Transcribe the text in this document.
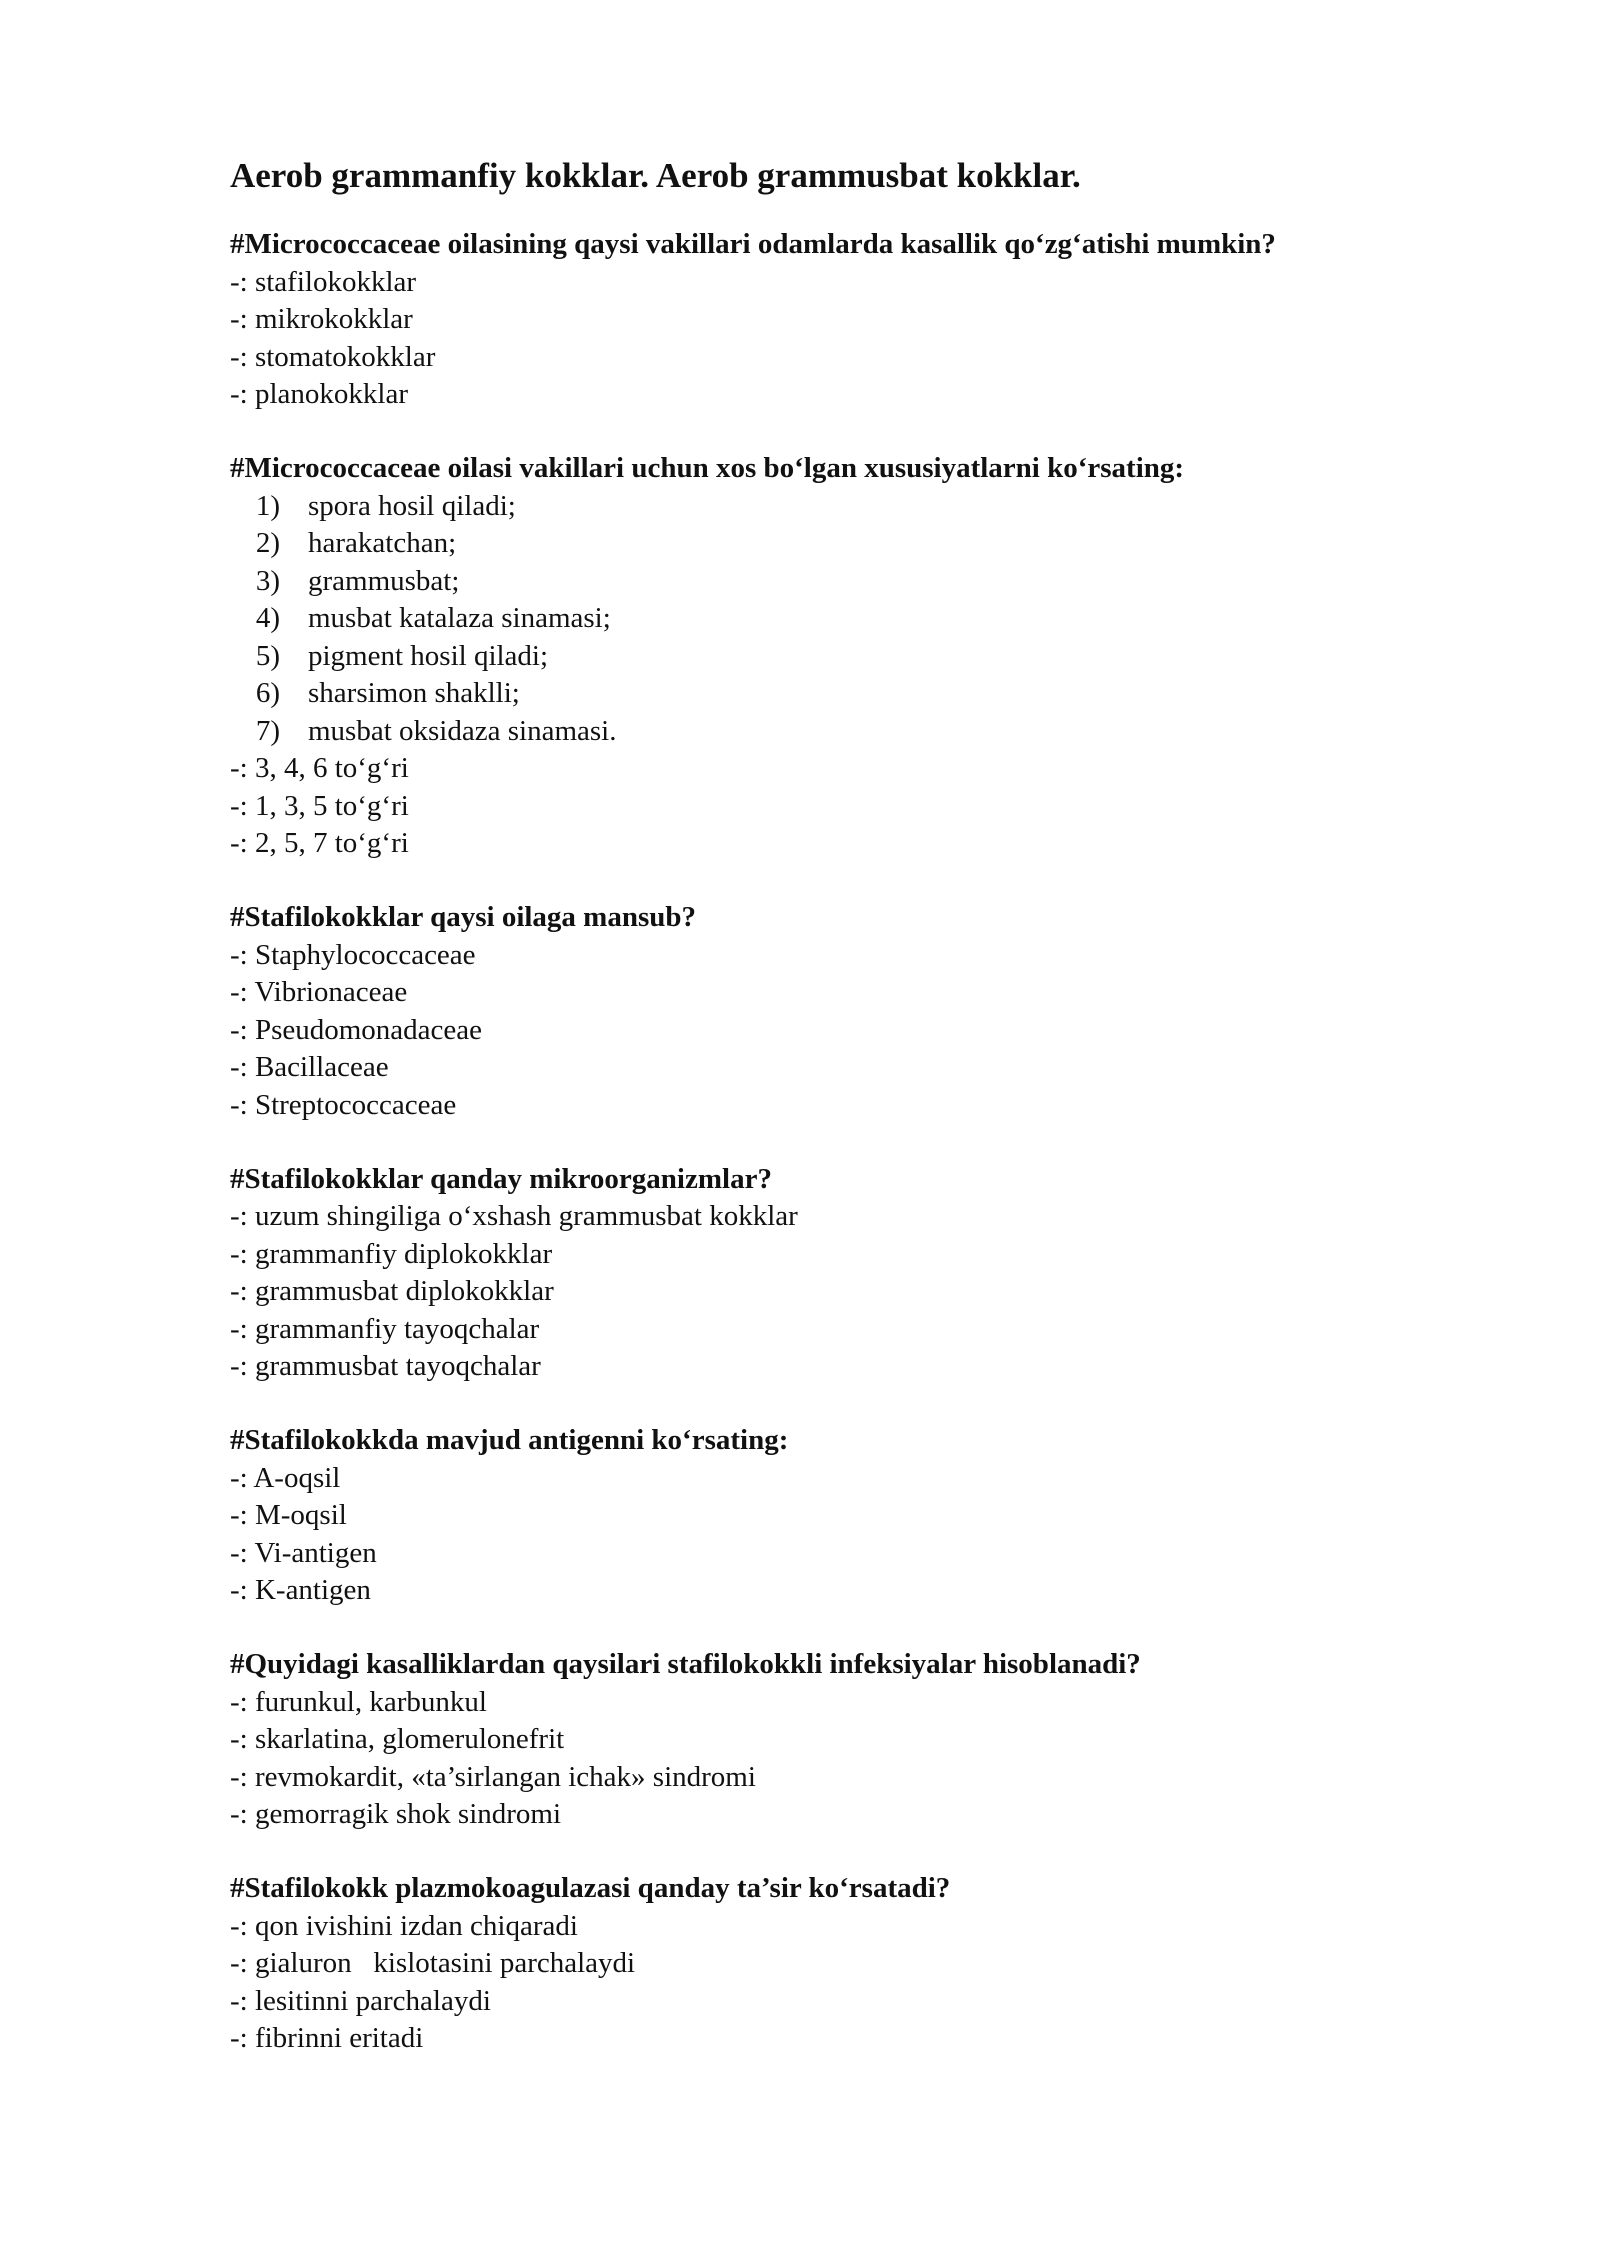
Aerob grammanfiy kokklar. Aerob grammusbat kokklar.
#Micrococcaceae oilasining qaysi vakillari odamlarda kasallik qo‘zg‘atishi mumkin?
-: stafilokokklar
-: mikrokokklar
-: stomatokokklar
-: planokokklar
#Micrococcaceae oilasi vakillari uchun xos bo‘lgan xususiyatlarni ko‘rsating:
1) spora hosil qiladi;
2) harakatchan;
3) grammusbat;
4) musbat katalaza sinamasi;
5) pigment hosil qiladi;
6) sharsimon shaklli;
7) musbat oksidaza sinamasi.
-: 3, 4, 6 to‘g‘ri
-: 1, 3, 5 to‘g‘ri
-: 2, 5, 7 to‘g‘ri
#Stafilokokklar qaysi oilaga mansub?
-: Staphylococcaceae
-: Vibrionaceae
-: Pseudomonadaceae
-: Bacillaceae
-: Streptococcaceae
#Stafilokokklar qanday mikroorganizmlar?
-: uzum shingiliga o‘xshash grammusbat kokklar
-: grammanfiy diplokokklar
-: grammusbat diplokokklar
-: grammanfiy tayoqchalar
-: grammusbat tayoqchalar
#Stafilokokkda mavjud antigenni ko‘rsating:
-: A-oqsil
-: M-oqsil
-: Vi-antigen
-: K-antigen
#Quyidagi kasalliklardan qaysilari stafilokokkli infeksiyalar hisoblanadi?
-: furunkul, karbunkul
-: skarlatina, glomerulonefrit
-: revmokardit, «ta’sirlangan ichak» sindromi
-: gemorragik shok sindromi
#Stafilokokk plazmokoagulazasi qanday ta’sir ko‘rsatadi?
-: qon ivishini izdan chiqaradi
-: gialuron   kislotasini parchalaydi
-: lesitinni parchalaydi
-: fibrinni eritadi
